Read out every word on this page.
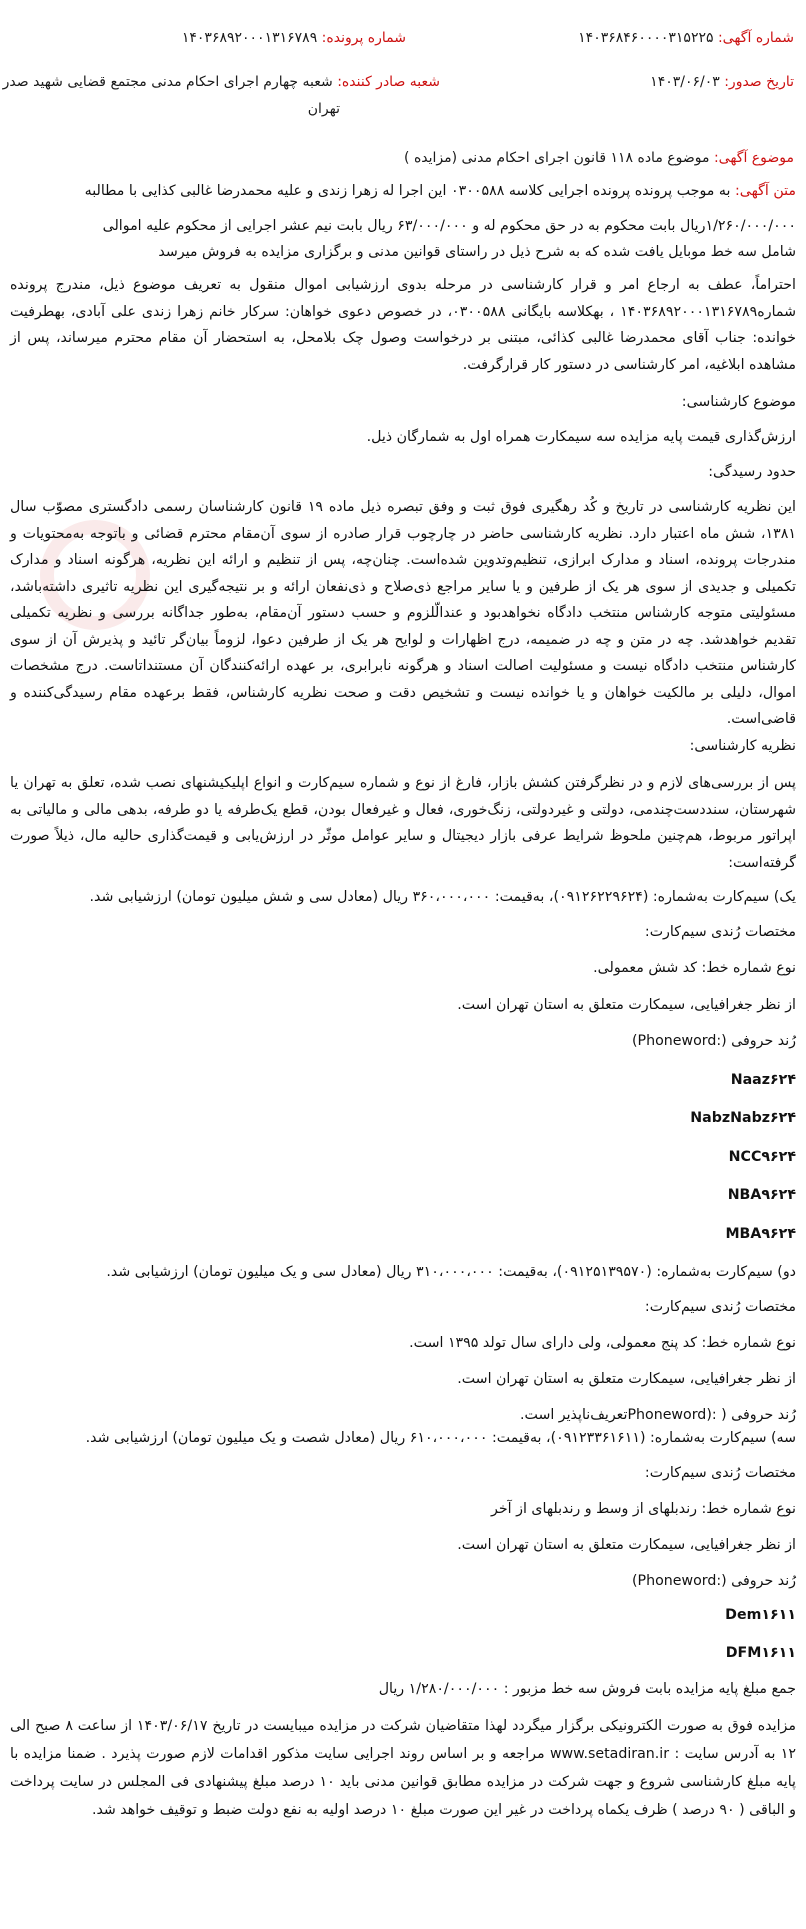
شماره آگهی: ۱۴۰۳۶۸۴۶۰۰۰۰۳۱۵۲۲۵
شماره پرونده: ۱۴۰۳۶۸۹۲۰۰۰۱۳۱۶۷۸۹
تاریخ صدور: ۱۴۰۳/۰۶/۰۳
شعبه صادر کننده: شعبه چهارم اجرای احکام مدنی مجتمع قضایی شهید صدر
تهران
موضوع آگهی: موضوع ماده ۱۱۸ قانون اجرای احکام مدنی (مزایده )
متن آگهی: به موجب پرونده پرونده اجرایی کلاسه ۰۳۰۰۵۸۸ این اجرا له زهرا زندی و علیه محمدرضا غالبی کذایی با مطالبه
۱/۲۶۰/۰۰۰/۰۰۰ریال بابت محکوم به در حق محکوم له و ۶۳/۰۰۰/۰۰۰ ریال بابت نیم عشر اجرایی از محکوم علیه اموالی
شامل سه خط موبایل یافت شده که به شرح ذیل در راستای قوانین مدنی و برگزاری مزایده به فروش میرسد

احتراماً، عطف به ارجاع امر و قرار کارشناسی در مرحله بدوی ارزشیابی اموال منقول به تعریف موضوع ذیل، مندرج پرونده شماره۱۴۰۳۶۸۹۲۰۰۰۱۳۱۶۷۸۹ ، بهکلاسه بایگانی ۰۳۰۰۵۸۸، در خصوص دعوی خواهان: سرکار خانم زهرا زندی علی آبادی، بهطرفیت خوانده: جناب آقای محمدرضا غالبی کذائی، مبتنی بر درخواست وصول چک بلامحل، به استحضار آن مقام محترم میرساند، پس از مشاهده ابلاغیه، امر کارشناسی در دستور کار قرارگرفت.

موضوع کارشناسی:
ارزش‌گذاری قیمت پایه مزایده سه سیمکارت همراه اول به شمارگان ذیل.
حدود رسیدگی:

این نظریه کارشناسی در تاریخ و کُد رهگیری فوق ثبت و وفق تبصره ذیل ماده ۱۹ قانون کارشناسان رسمی دادگستری مصوّب سال ۱۳۸۱، شش ماه اعتبار دارد. نظریه کارشناسی حاضر در چارچوب قرار صادره از سوی آن‌مقام محترم قضائی و باتوجه به‌محتویات و مندرجات پرونده، اسناد و مدارک ابرازی، تنظیم‌وتدوین شده‌است. چنان‌چه، پس از تنظیم و ارائه این نظریه، هرگونه اسناد و مدارک تکمیلی و جدیدی از سوی هر یک از طرفین و یا سایر مراجع ذی‌صلاح و ذی‌نفعان ارائه و بر نتیجه‌گیری این نظریه تاثیری داشته‌باشد، مسئولیتی متوجه کارشناس منتخب دادگاه نخواهدبود و عندالّلزوم و حسب دستور آن‌مقام، به‌طور جداگانه بررسی و نظریه تکمیلی تقدیم خواهدشد. چه در متن و چه در ضمیمه، درج اظهارات و لوایح هر یک از طرفین دعوا، لزوماً بیان‌گر تائید و پذیرش آن از سوی کارشناس منتخب دادگاه نیست و مسئولیت اصالت اسناد و هرگونه نابرابری، بر عهده ارائه‌کنندگان آن مستنداتاست. درج مشخصات اموال، دلیلی بر مالکیت خواهان و یا خوانده نیست و تشخیص دقت و صحت نظریه کارشناس، فقط برعهده مقام رسیدگی‌کننده و قاضی‌است.

نظریه کارشناسی:

پس از بررسی‌های لازم و در نظرگرفتن کشش بازار، فارغ از نوع و شماره سیم‌کارت و انواع اپلیکیشنهای نصب شده، تعلق به تهران یا شهرستان، سنددست‌چندمی، دولتی و غیردولتی، زنگ‌خوری، فعال و غیرفعال بودن، قطع یک‌طرفه یا دو طرفه، بدهی مالی و مالیاتی به اپراتور مربوط، هم‌چنین ملحوظ شرایط عرفی بازار دیجیتال و سایر عوامل موثّر در ارزش‌یابی و قیمت‌گذاری حالیه مال، ذیلاً صورت گرفته‌است:

یک) سیم‌کارت به‌شماره: (۰۹۱۲۶۲۲۹۶۲۴)، به‌قیمت: ۳۶۰،۰۰۰،۰۰۰ ریال (معادل سی و شش میلیون تومان) ارزشیابی شد.
مختصات رُندی سیم‌کارت:
نوع شماره خط: کد شش معمولی.
از نظر جغرافیایی، سیمکارت متعلق به استان تهران است.
رُند حروفی (:Phoneword)
Naaz۶۲۴
NabzNabz۶۲۴
NCC۹۶۲۴
NBA۹۶۲۴
MBA۹۶۲۴
دو) سیم‌کارت به‌شماره: (۰۹۱۲۵۱۳۹۵۷۰)، به‌قیمت: ۳۱۰،۰۰۰،۰۰۰ ریال (معادل سی و یک میلیون تومان) ارزشیابی شد.
مختصات رُندی سیم‌کارت:
نوع شماره خط: کد پنج معمولی، ولی دارای سال تولد ۱۳۹۵ است.
از نظر جغرافیایی، سیمکارت متعلق به استان تهران است.
رُند حروفی ( :(Phonewordتعریف‌ناپذیر است.
سه) سیم‌کارت به‌شماره: (۰۹۱۲۳۳۶۱۶۱۱)، به‌قیمت: ۶۱۰،۰۰۰،۰۰۰ ریال (معادل شصت و یک میلیون تومان) ارزشیابی شد.
مختصات رُندی سیم‌کارت:
نوع شماره خط: رندبلهای از وسط و رندبلهای از آخر
از نظر جغرافیایی، سیمکارت متعلق به استان تهران است.
رُند حروفی (:Phoneword)
Dem۱۶۱۱
DFM۱۶۱۱
جمع مبلغ پایه مزایده بابت فروش سه خط مزبور : ۱/۲۸۰/۰۰۰/۰۰۰ ریال

مزایده فوق به صورت الکترونیکی برگزار میگردد لهذا متقاضیان شرکت در مزایده میبایست در تاریخ ۱۴۰۳/۰۶/۱۷ از ساعت ۸ صبح الی ۱۲ به آدرس سایت : www.setadiran.ir مراجعه و بر اساس روند اجرایی سایت مذکور اقدامات لازم صورت پذیرد . ضمنا مزایده با پایه مبلغ کارشناسی شروع و جهت شرکت در مزایده مطابق قوانین مدنی باید ۱۰ درصد مبلغ پیشنهادی فی المجلس در سایت پرداخت و الباقی ( ۹۰ درصد ) ظرف یکماه پرداخت در غیر این صورت مبلغ ۱۰ درصد اولیه به نفع دولت ضبط و توقیف خواهد شد.
